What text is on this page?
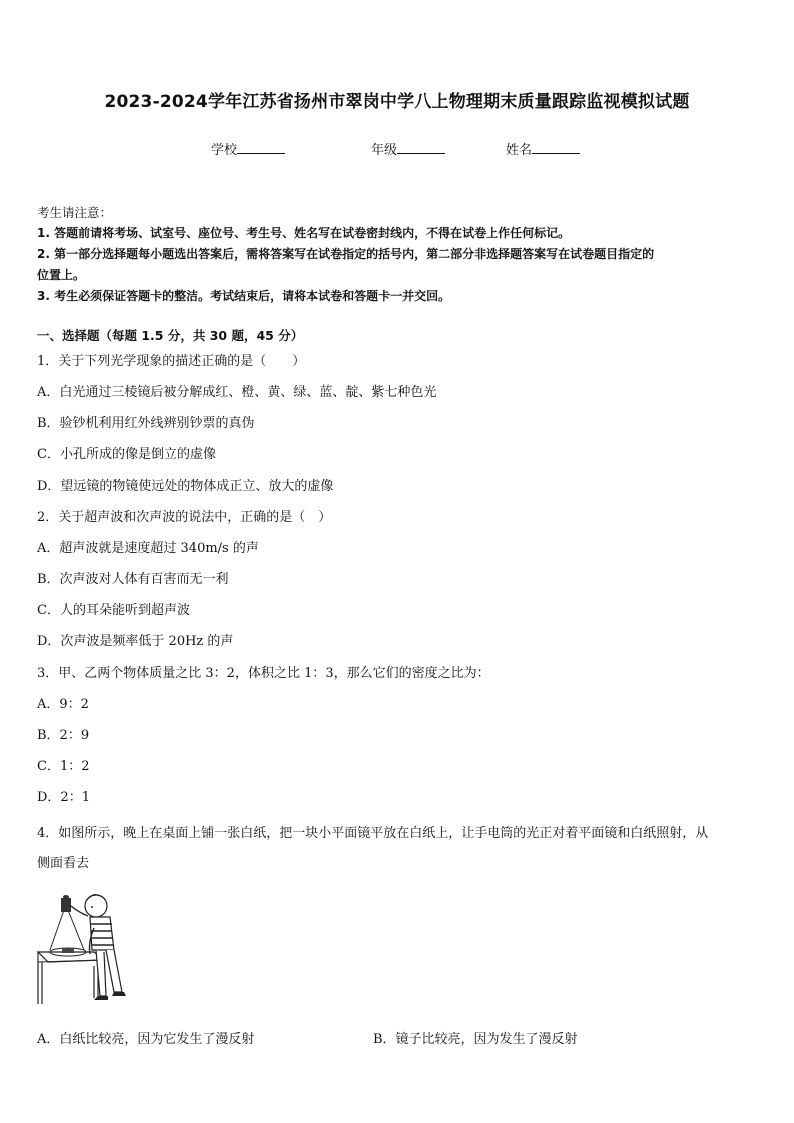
2023-2024学年江苏省扬州市翠岗中学八上物理期末质量跟踪监视模拟试题
学校	年级	姓名
考生请注意：
1. 答题前请将考场、试室号、座位号、考生号、姓名写在试卷密封线内，不得在试卷上作任何标记。
2. 第一部分选择题每小题选出答案后，需将答案写在试卷指定的括号内，第二部分非选择题答案写在试卷题目指定的
位置上。
3. 考生必须保证答题卡的整洁。考试结束后，请将本试卷和答题卡一并交回。
一、选择题（每题 1.5 分，共 30 题，45 分）
1．关于下列光学现象的描述正确的是（　　）
A．白光通过三棱镜后被分解成红、橙、黄、绿、蓝、靛、紫七种色光
B．验钞机利用红外线辨别钞票的真伪
C．小孔所成的像是倒立的虚像
D．望远镜的物镜使远处的物体成正立、放大的虚像
2．关于超声波和次声波的说法中，正确的是（　）
A．超声波就是速度超过 340m/s 的声
B．次声波对人体有百害而无一利
C．人的耳朵能听到超声波
D．次声波是频率低于 20Hz 的声
3．甲、乙两个物体质量之比 3：2，体积之比 1：3，那么它们的密度之比为：
A．9：2
B．2：9
C．1：2
D．2：1
4．如图所示，晚上在桌面上铺一张白纸，把一块小平面镜平放在白纸上，让手电筒的光正对着平面镜和白纸照射，从
侧面看去
A．白纸比较亮，因为它发生了漫反射	B．镜子比较亮，因为发生了漫反射
